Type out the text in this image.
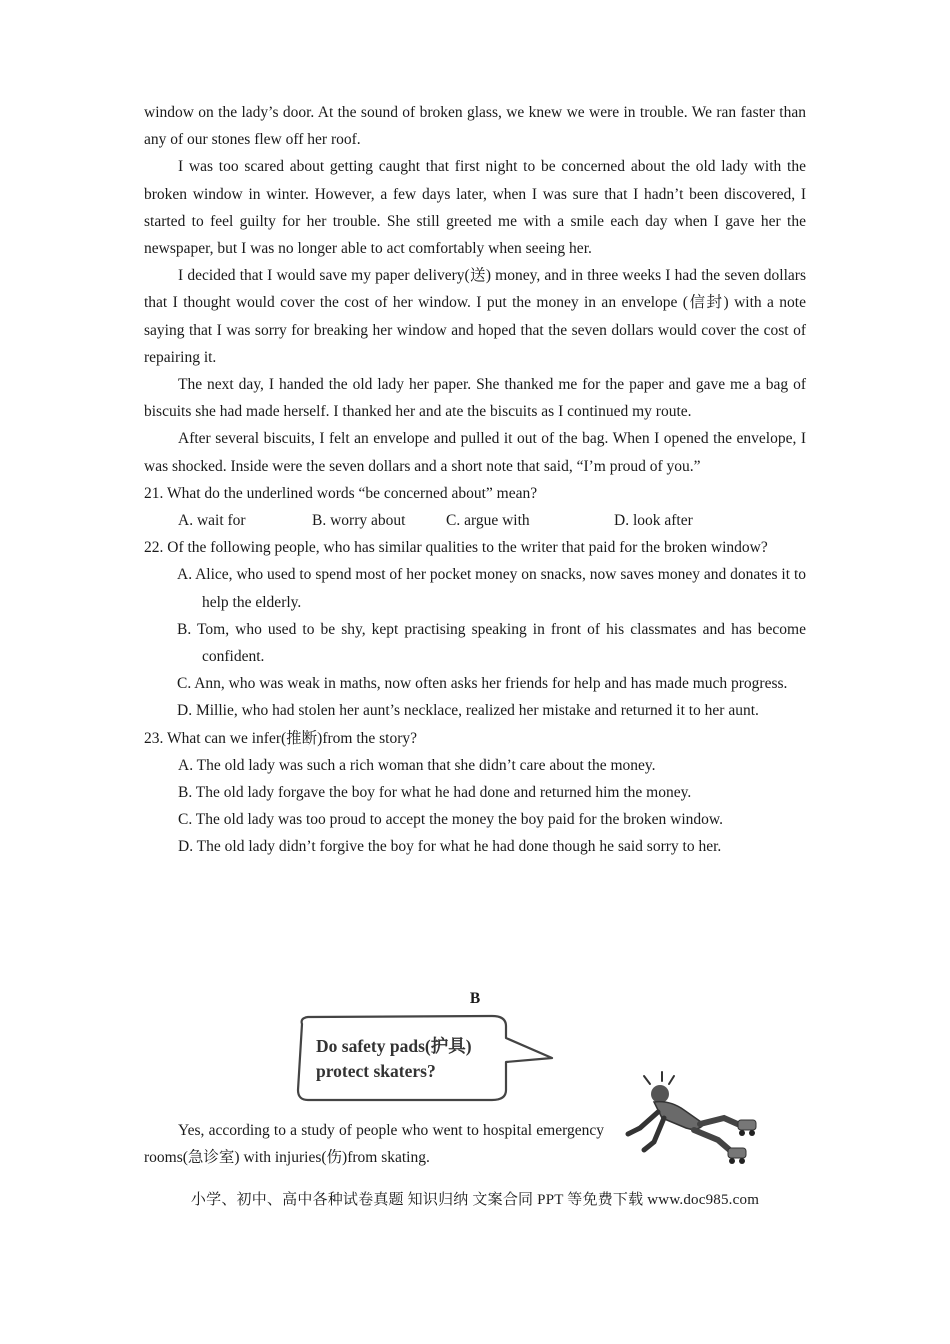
window on the lady’s door. At the sound of broken glass, we knew we were in trouble. We ran faster than any of our stones flew off her roof.

I was too scared about getting caught that first night to be concerned about the old lady with the broken window in winter. However, a few days later, when I was sure that I hadn’t been discovered, I started to feel guilty for her trouble. She still greeted me with a smile each day when I gave her the newspaper, but I was no longer able to act comfortably when seeing her.

I decided that I would save my paper delivery(送) money, and in three weeks I had the seven dollars that I thought would cover the cost of her window. I put the money in an envelope (信封) with a note saying that I was sorry for breaking her window and hoped that the seven dollars would cover the cost of repairing it.

The next day, I handed the old lady her paper. She thanked me for the paper and gave me a bag of biscuits she had made herself. I thanked her and ate the biscuits as I continued my route.

After several biscuits, I felt an envelope and pulled it out of the bag. When I opened the envelope, I was shocked. Inside were the seven dollars and a short note that said, “I’m proud of you.”

21. What do the underlined words “be concerned about” mean?

A. wait for	B. worry about	C. argue with	D. look after

22. Of the following people, who has similar qualities to the writer that paid for the broken window?

A. Alice, who used to spend most of her pocket money on snacks, now saves money and donates it to help the elderly.

B. Tom, who used to be shy, kept practising speaking in front of his classmates and has become confident.

C. Ann, who was weak in maths, now often asks her friends for help and has made much progress.

D. Millie, who had stolen her aunt’s necklace, realized her mistake and returned it to her aunt.

23. What can we infer(推断)from the story?

A. The old lady was such a rich woman that she didn’t care about the money.

B. The old lady forgave the boy for what he had done and returned him the money.

C. The old lady was too proud to accept the money the boy paid for the broken window.

D. The old lady didn’t forgive the boy for what he had done though he said sorry to her.

B
Do safety pads(护具)
protect skaters?

Yes, according to a study of people who went to hospital emergency rooms(急诊室) with injuries(伤)from skating.

小学、初中、高中各种试卷真题 知识归纳 文案合同 PPT 等免费下载 www.doc985.com
